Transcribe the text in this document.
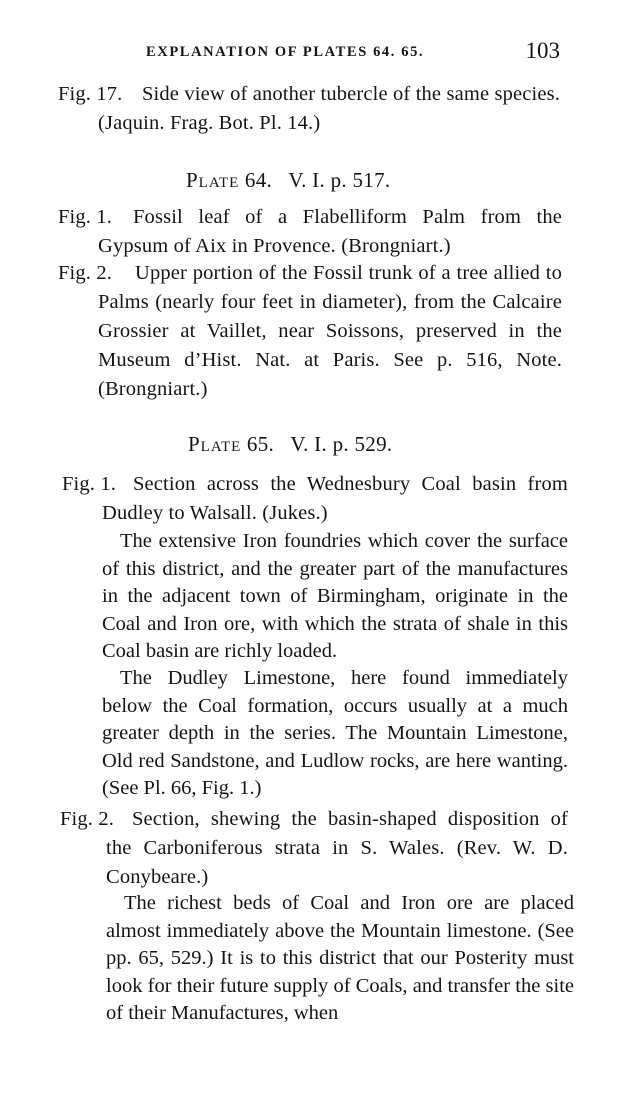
EXPLANATION OF PLATES 64. 65.	103
Fig. 17. Side view of another tubercle of the same species. (Jaquin. Frag. Bot. Pl. 14.)
Plate 64.   V. I. p. 517.
Fig. 1.	Fossil leaf of a Flabelliform Palm from the Gypsum of Aix in Provence. (Brongniart.)
Fig. 2.	Upper portion of the Fossil trunk of a tree allied to Palms (nearly four feet in diameter), from the Calcaire Grossier at Vaillet, near Soissons, preserved in the Museum d’Hist. Nat. at Paris. See p. 516, Note. (Brongniart.)
Plate 65.   V. I. p. 529.
Fig. 1. Section across the Wednesbury Coal basin from Dudley to Walsall. (Jukes.)
The extensive Iron foundries which cover the surface of this district, and the greater part of the manufactures in the adjacent town of Birmingham, originate in the Coal and Iron ore, with which the strata of shale in this Coal basin are richly loaded.
The Dudley Limestone, here found immediately below the Coal formation, occurs usually at a much greater depth in the series. The Mountain Limestone, Old red Sandstone, and Ludlow rocks, are here wanting. (See Pl. 66, Fig. 1.)
Fig. 2. Section, shewing the basin-shaped disposition of the Carboniferous strata in S. Wales. (Rev. W. D. Conybeare.)
The richest beds of Coal and Iron ore are placed almost immediately above the Mountain limestone. (See pp. 65, 529.) It is to this district that our Posterity must look for their future supply of Coals, and transfer the site of their Manufactures, when
